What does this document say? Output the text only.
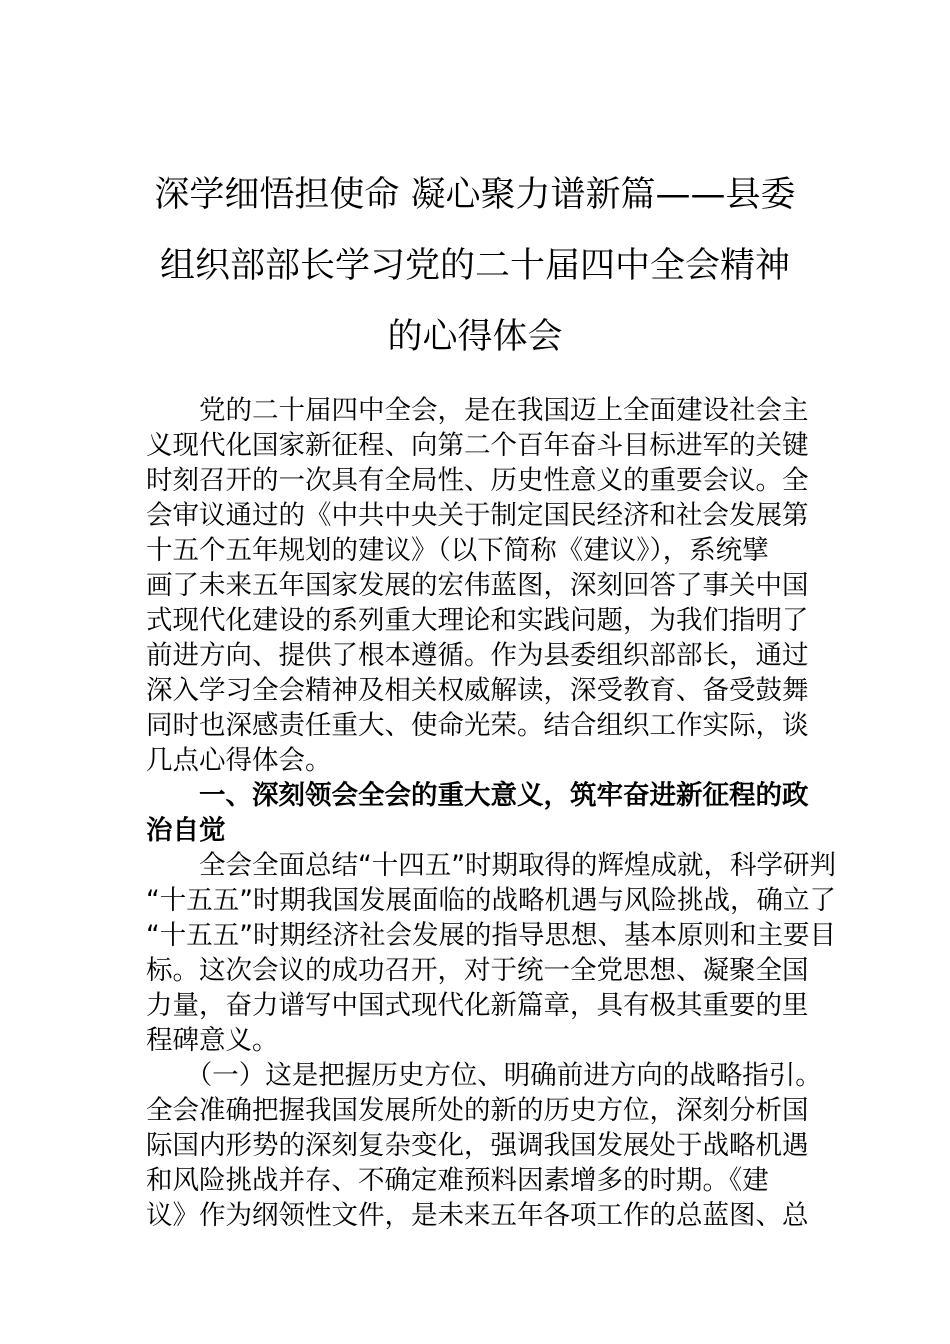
深学细悟担使命 凝心聚力谱新篇——县委
组织部部长学习党的二十届四中全会精神
的心得体会
　　党的二十届四中全会，是在我国迈上全面建设社会主
义现代化国家新征程、向第二个百年奋斗目标进军的关键
时刻召开的一次具有全局性、历史性意义的重要会议。全
会审议通过的《中共中央关于制定国民经济和社会发展第
十五个五年规划的建议》（以下简称《建议》），系统擘
画了未来五年国家发展的宏伟蓝图，深刻回答了事关中国
式现代化建设的系列重大理论和实践问题，为我们指明了
前进方向、提供了根本遵循。作为县委组织部部长，通过
深入学习全会精神及相关权威解读，深受教育、备受鼓舞
同时也深感责任重大、使命光荣。结合组织工作实际，谈
几点心得体会。
　　一、深刻领会全会的重大意义，筑牢奋进新征程的政
治自觉
　　全会全面总结“十四五”时期取得的辉煌成就，科学研判
“十五五”时期我国发展面临的战略机遇与风险挑战，确立了
“十五五”时期经济社会发展的指导思想、基本原则和主要目
标。这次会议的成功召开，对于统一全党思想、凝聚全国
力量，奋力谱写中国式现代化新篇章，具有极其重要的里
程碑意义。
　　（一）这是把握历史方位、明确前进方向的战略指引。
全会准确把握我国发展所处的新的历史方位，深刻分析国
际国内形势的深刻复杂变化，强调我国发展处于战略机遇
和风险挑战并存、不确定难预料因素增多的时期。《建
议》作为纲领性文件，是未来五年各项工作的总蓝图、总
